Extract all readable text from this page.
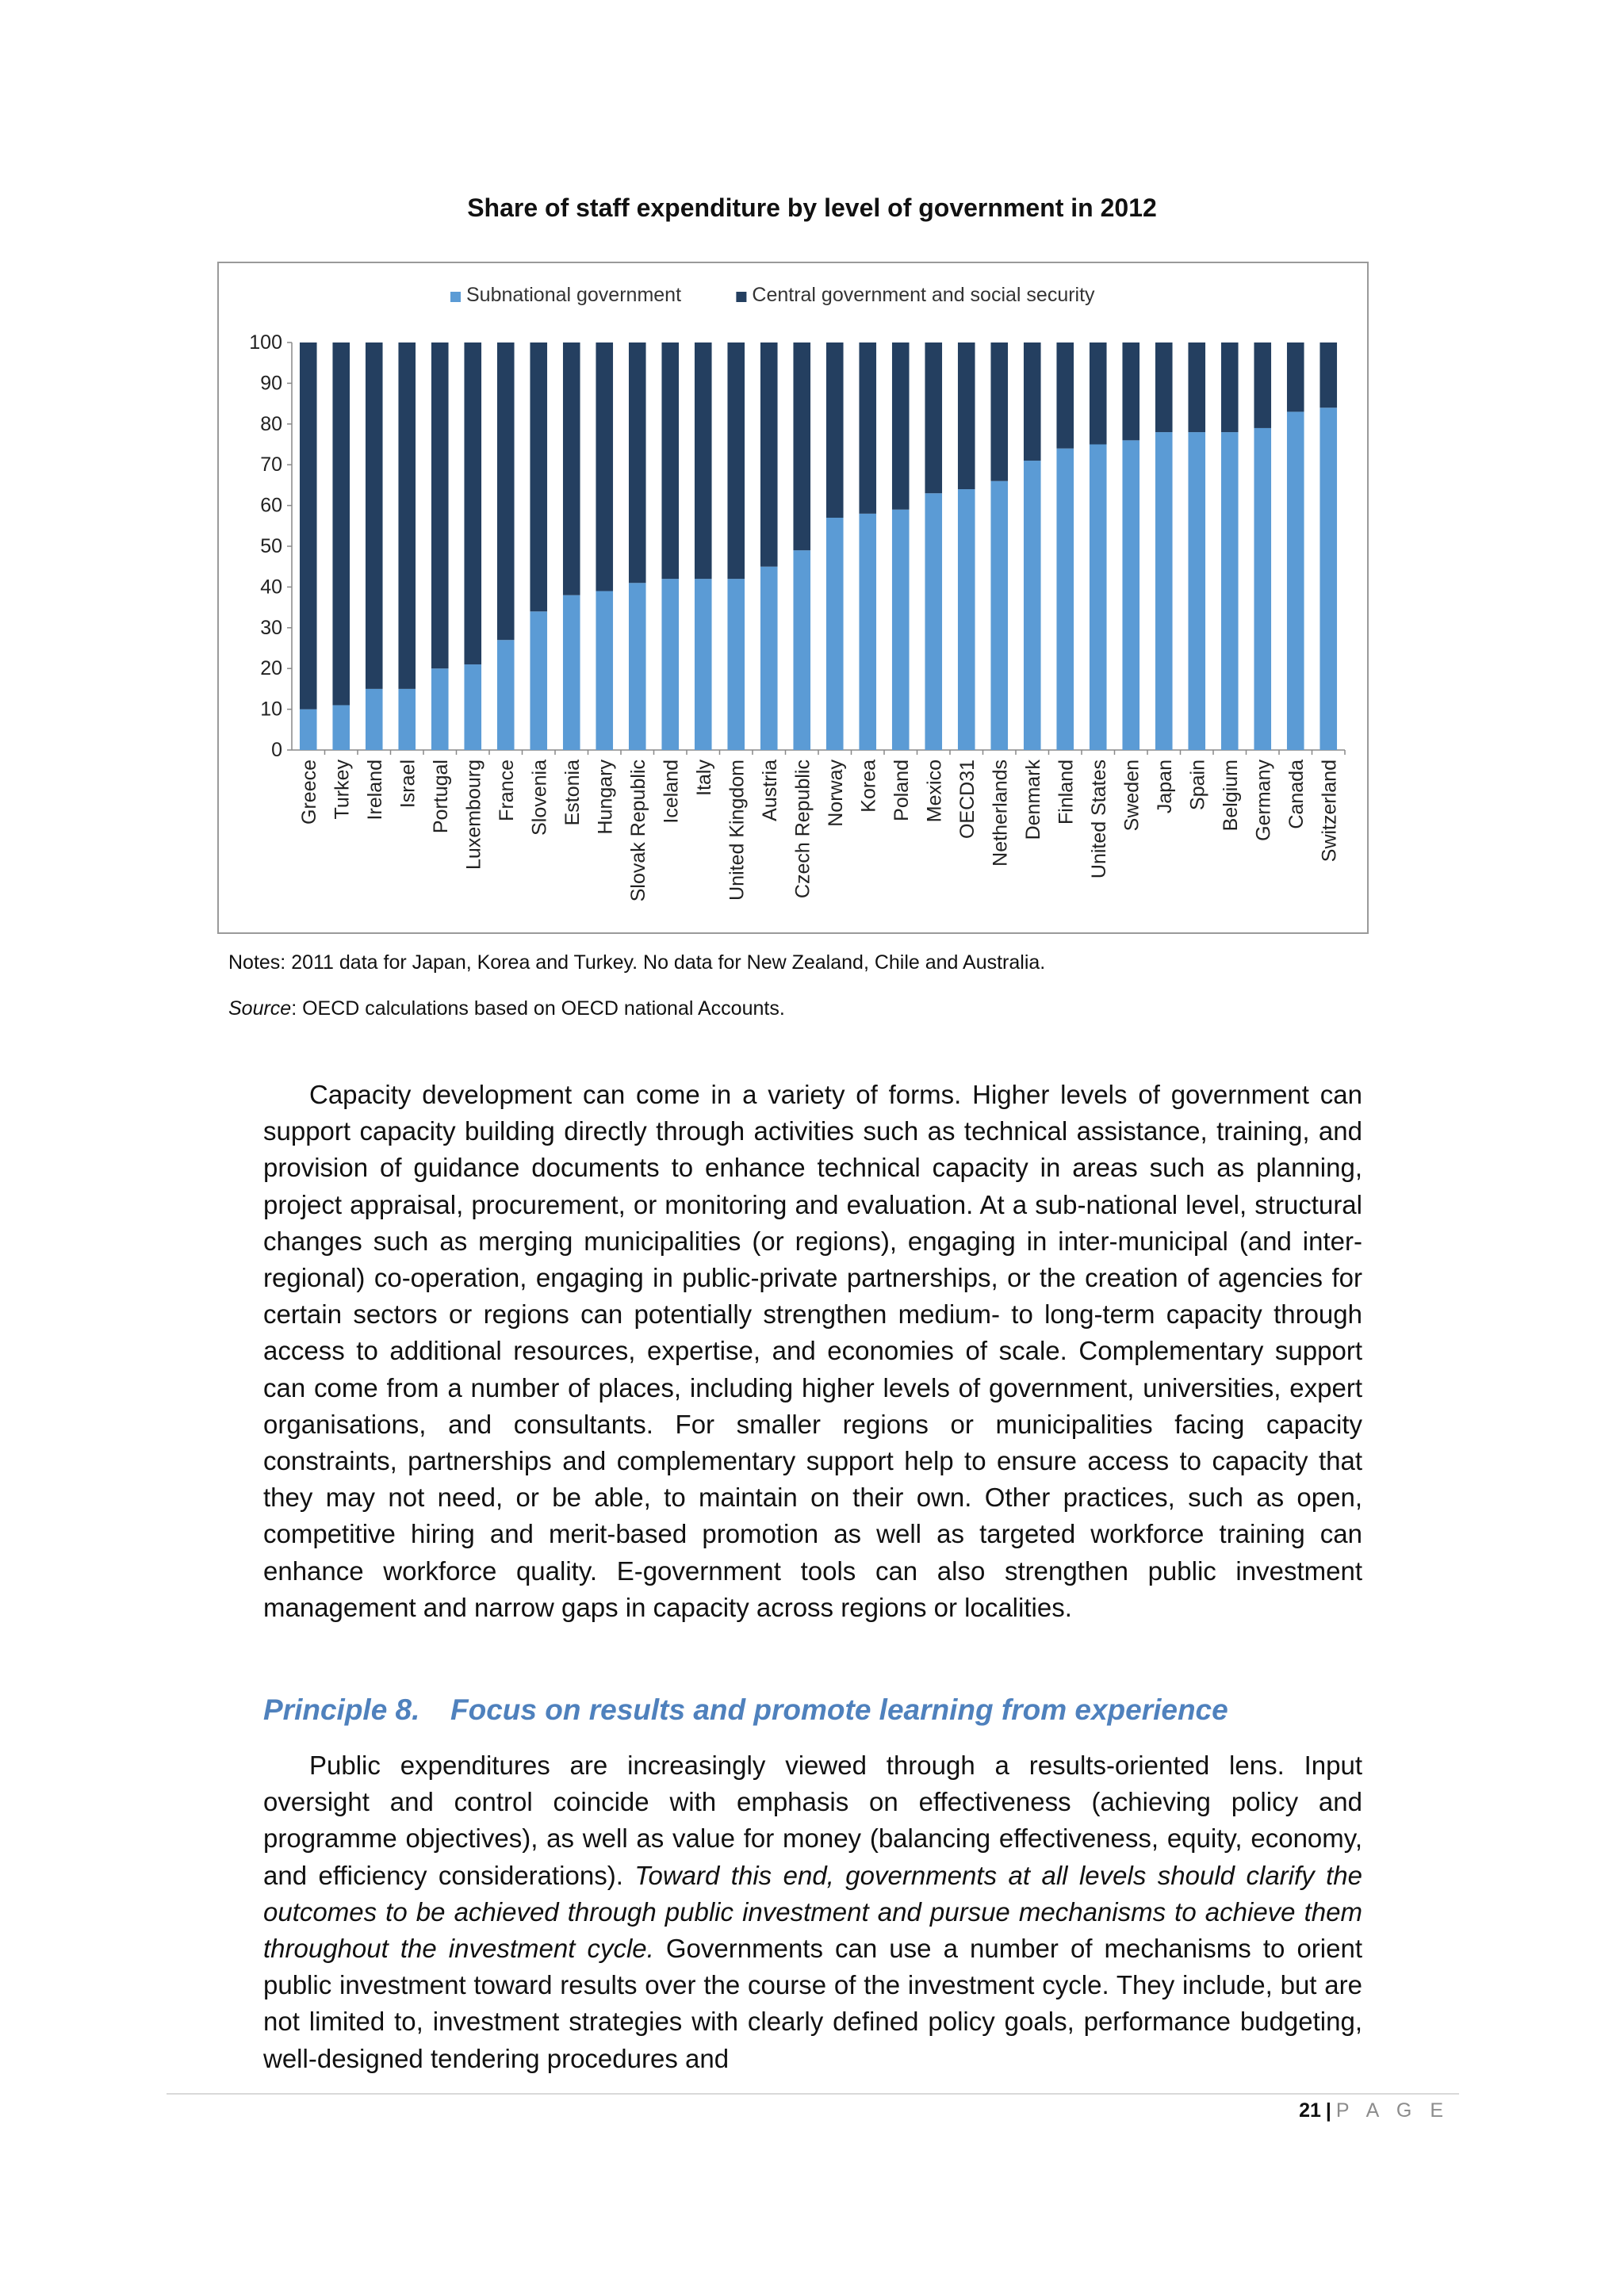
Share of staff expenditure by level of government in 2012
Subnational government	Central government and social security
0
10
20
30
40
50
60
70
80
90
100
Greece Turkey Ireland Israel Portugal Luxembourg France Slovenia Estonia Hungary Slovak Republic Iceland Italy United Kingdom Austria Czech Republic Norway Korea Poland Mexico OECD31 Netherlands Denmark Finland United States Sweden Japan Spain Belgium Germany Canada Switzerland
Notes: 2011 data for Japan, Korea and Turkey. No data for New Zealand, Chile and Australia.
Source: OECD calculations based on OECD national Accounts.
Capacity development can come in a variety of forms. Higher levels of government can support capacity building directly through activities such as technical assistance, training, and provision of guidance documents to enhance technical capacity in areas such as planning, project appraisal, procurement, or monitoring and evaluation. At a sub-national level, structural changes such as merging municipalities (or regions), engaging in inter-municipal (and inter-regional) co-operation, engaging in public-private partnerships, or the creation of agencies for certain sectors or regions can potentially strengthen medium- to long-term capacity through access to additional resources, expertise, and economies of scale. Complementary support can come from a number of places, including higher levels of government, universities, expert organisations, and consultants. For smaller regions or municipalities facing capacity constraints, partnerships and complementary support help to ensure access to capacity that they may not need, or be able, to maintain on their own. Other practices, such as open, competitive hiring and merit-based promotion as well as targeted workforce training can enhance workforce quality. E-government tools can also strengthen public investment management and narrow gaps in capacity across regions or localities.
Principle 8. Focus on results and promote learning from experience
Public expenditures are increasingly viewed through a results-oriented lens. Input oversight and control coincide with emphasis on effectiveness (achieving policy and programme objectives), as well as value for money (balancing effectiveness, equity, economy, and efficiency considerations). Toward this end, governments at all levels should clarify the outcomes to be achieved through public investment and pursue mechanisms to achieve them throughout the investment cycle. Governments can use a number of mechanisms to orient public investment toward results over the course of the investment cycle. They include, but are not limited to, investment strategies with clearly defined policy goals, performance budgeting, well-designed tendering procedures and
21 | P A G E
